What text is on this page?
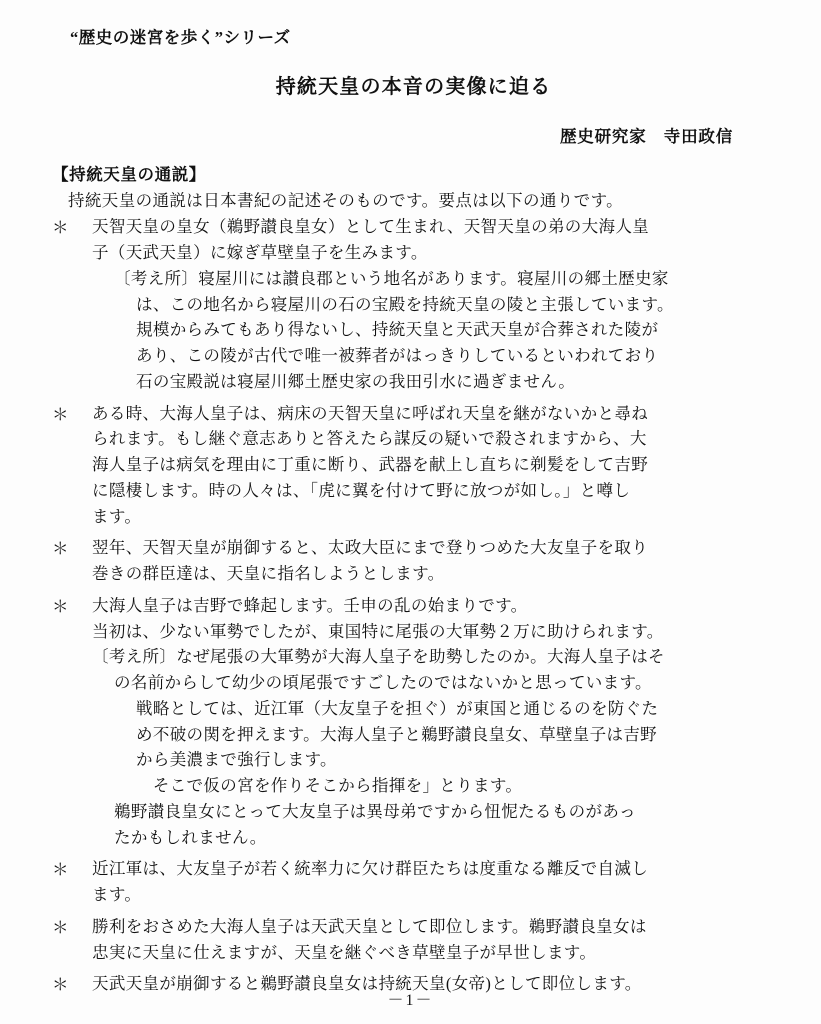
“歴史の迷宮を歩く”シリーズ
持統天皇の本音の実像に迫る
歴史研究家　寺田政信
【持統天皇の通説】
持統天皇の通説は日本書紀の記述そのものです。要点は以下の通りです。
＊	天智天皇の皇女（鵜野讃良皇女）として生まれ、天智天皇の弟の大海人皇
子（天武天皇）に嫁ぎ草壁皇子を生みます。
〔考え所〕寝屋川には讃良郡という地名があります。寝屋川の郷土歴史家
は、この地名から寝屋川の石の宝殿を持統天皇の陵と主張しています。
規模からみてもあり得ないし、持統天皇と天武天皇が合葬された陵が
あり、この陵が古代で唯一被葬者がはっきりしているといわれており
石の宝殿説は寝屋川郷土歴史家の我田引水に過ぎません。
＊	ある時、大海人皇子は、病床の天智天皇に呼ばれ天皇を継がないかと尋ね
られます。もし継ぐ意志ありと答えたら謀反の疑いで殺されますから、大
海人皇子は病気を理由に丁重に断り、武器を献上し直ちに剃髪をして吉野
に隠棲します。時の人々は、「虎に翼を付けて野に放つが如し。」と噂し
ます。
＊	翌年、天智天皇が崩御すると、太政大臣にまで登りつめた大友皇子を取り
巻きの群臣達は、天皇に指名しようとします。
＊	大海人皇子は吉野で蜂起します。壬申の乱の始まりです。
当初は、少ない軍勢でしたが、東国特に尾張の大軍勢２万に助けられます。
〔考え所〕なぜ尾張の大軍勢が大海人皇子を助勢したのか。大海人皇子はそ
の名前からして幼少の頃尾張ですごしたのではないかと思っています。
戦略としては、近江軍（大友皇子を担ぐ）が東国と通じるのを防ぐた
め不破の関を押えます。大海人皇子と鵜野讃良皇女、草壁皇子は吉野
から美濃まで強行します。
　そこで仮の宮を作りそこから指揮を」とります。
鵜野讃良皇女にとって大友皇子は異母弟ですから忸怩たるものがあっ
たかもしれません。
＊	近江軍は、大友皇子が若く統率力に欠け群臣たちは度重なる離反で自滅し
ます。
＊	勝利をおさめた大海人皇子は天武天皇として即位します。鵜野讃良皇女は
忠実に天皇に仕えますが、天皇を継ぐべき草壁皇子が早世します。
＊	天武天皇が崩御すると鵜野讃良皇女は持統天皇(女帝)として即位します。
－1－
